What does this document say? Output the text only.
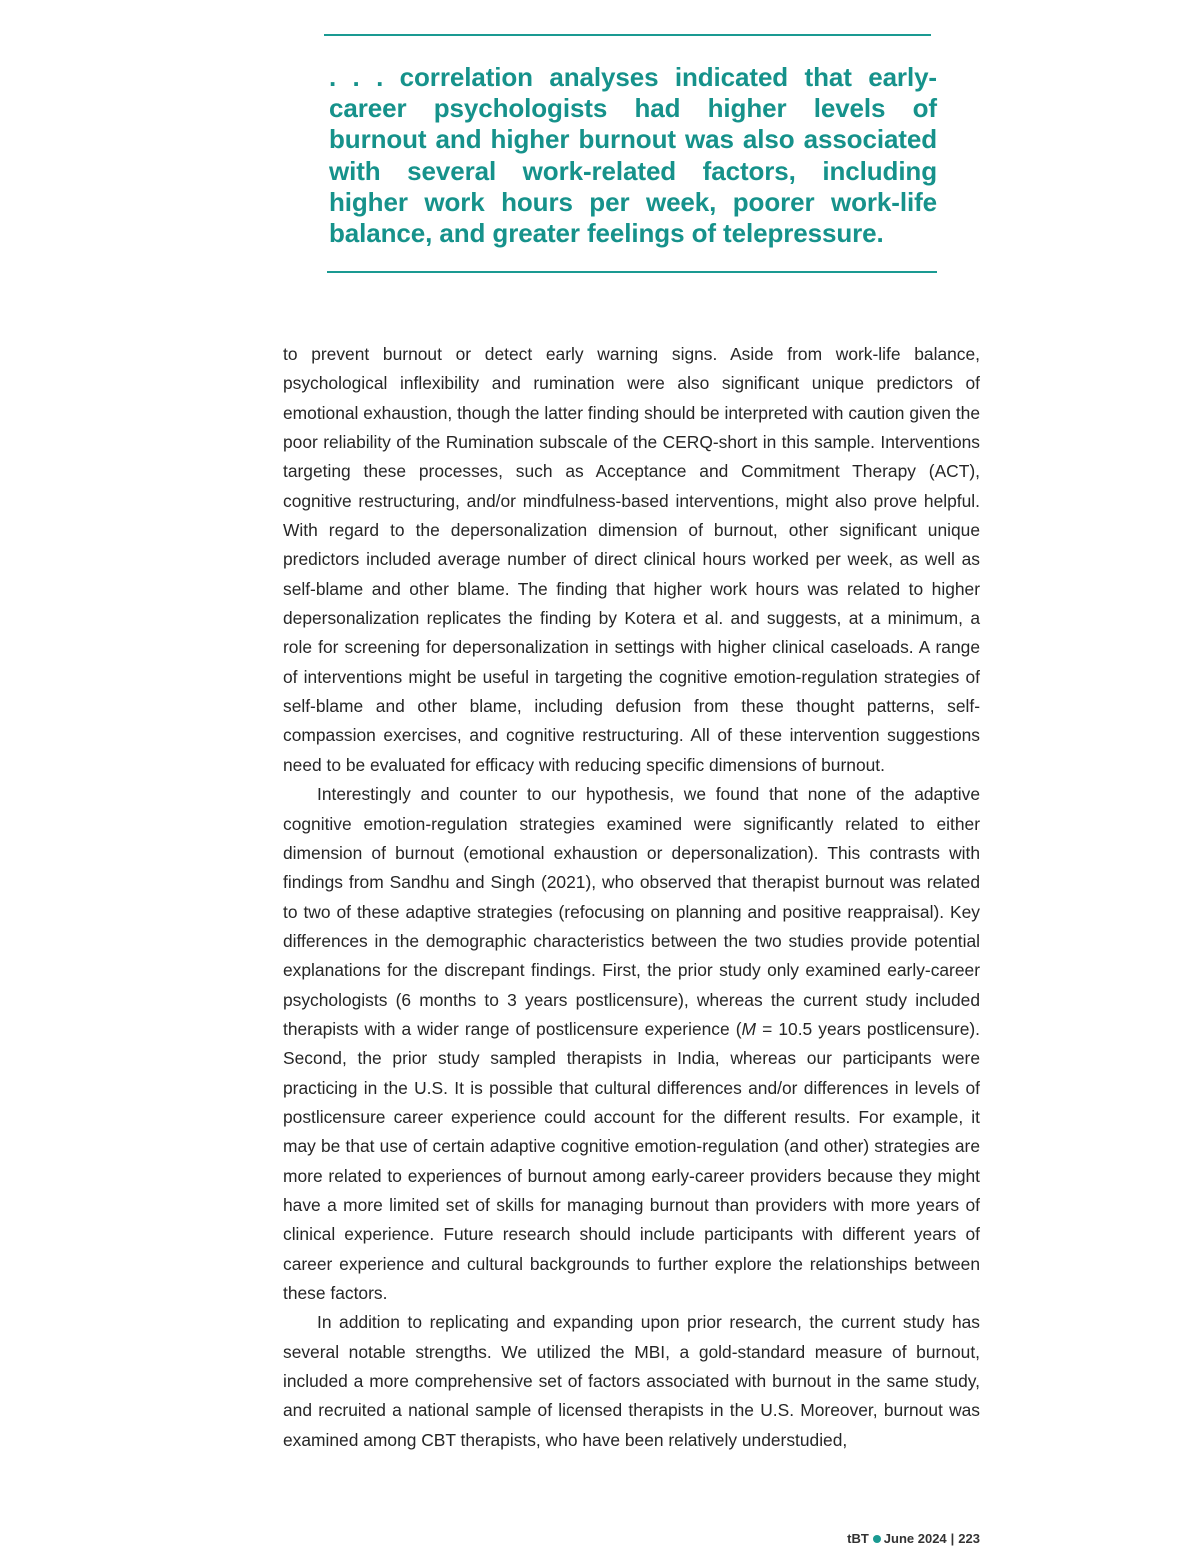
. . . correlation analyses indicated that early-career psychologists had higher levels of burnout and higher burnout was also associated with several work-related factors, including higher work hours per week, poorer work-life balance, and greater feelings of telepressure.

to prevent burnout or detect early warning signs. Aside from work-life balance, psychological inflexibility and rumination were also significant unique predictors of emotional exhaustion, though the latter finding should be interpreted with caution given the poor reliability of the Rumination subscale of the CERQ-short in this sample. Interventions targeting these processes, such as Acceptance and Commitment Therapy (ACT), cognitive restructuring, and/or mindfulness-based interventions, might also prove helpful. With regard to the depersonalization dimension of burnout, other significant unique predictors included average number of direct clinical hours worked per week, as well as self-blame and other blame. The finding that higher work hours was related to higher depersonalization replicates the finding by Kotera et al. and suggests, at a minimum, a role for screening for depersonalization in settings with higher clinical caseloads. A range of interventions might be useful in targeting the cognitive emotion-regulation strategies of self-blame and other blame, including defusion from these thought patterns, self-compassion exercises, and cognitive restructuring. All of these intervention suggestions need to be evaluated for efficacy with reducing specific dimensions of burnout.

Interestingly and counter to our hypothesis, we found that none of the adaptive cognitive emotion-regulation strategies examined were significantly related to either dimension of burnout (emotional exhaustion or depersonalization). This contrasts with findings from Sandhu and Singh (2021), who observed that therapist burnout was related to two of these adaptive strategies (refocusing on planning and positive reappraisal). Key differences in the demographic characteristics between the two studies provide potential explanations for the discrepant findings. First, the prior study only examined early-career psychologists (6 months to 3 years postlicensure), whereas the current study included therapists with a wider range of postlicensure experience (M = 10.5 years postlicensure). Second, the prior study sampled therapists in India, whereas our participants were practicing in the U.S. It is possible that cultural differences and/or differences in levels of postlicensure career experience could account for the different results. For example, it may be that use of certain adaptive cognitive emotion-regulation (and other) strategies are more related to experiences of burnout among early-career providers because they might have a more limited set of skills for managing burnout than providers with more years of clinical experience. Future research should include participants with different years of career experience and cultural backgrounds to further explore the relationships between these factors.

In addition to replicating and expanding upon prior research, the current study has several notable strengths. We utilized the MBI, a gold-standard measure of burnout, included a more comprehensive set of factors associated with burnout in the same study, and recruited a national sample of licensed therapists in the U.S. Moreover, burnout was examined among CBT therapists, who have been relatively understudied,

tBT June 2024 | 223
